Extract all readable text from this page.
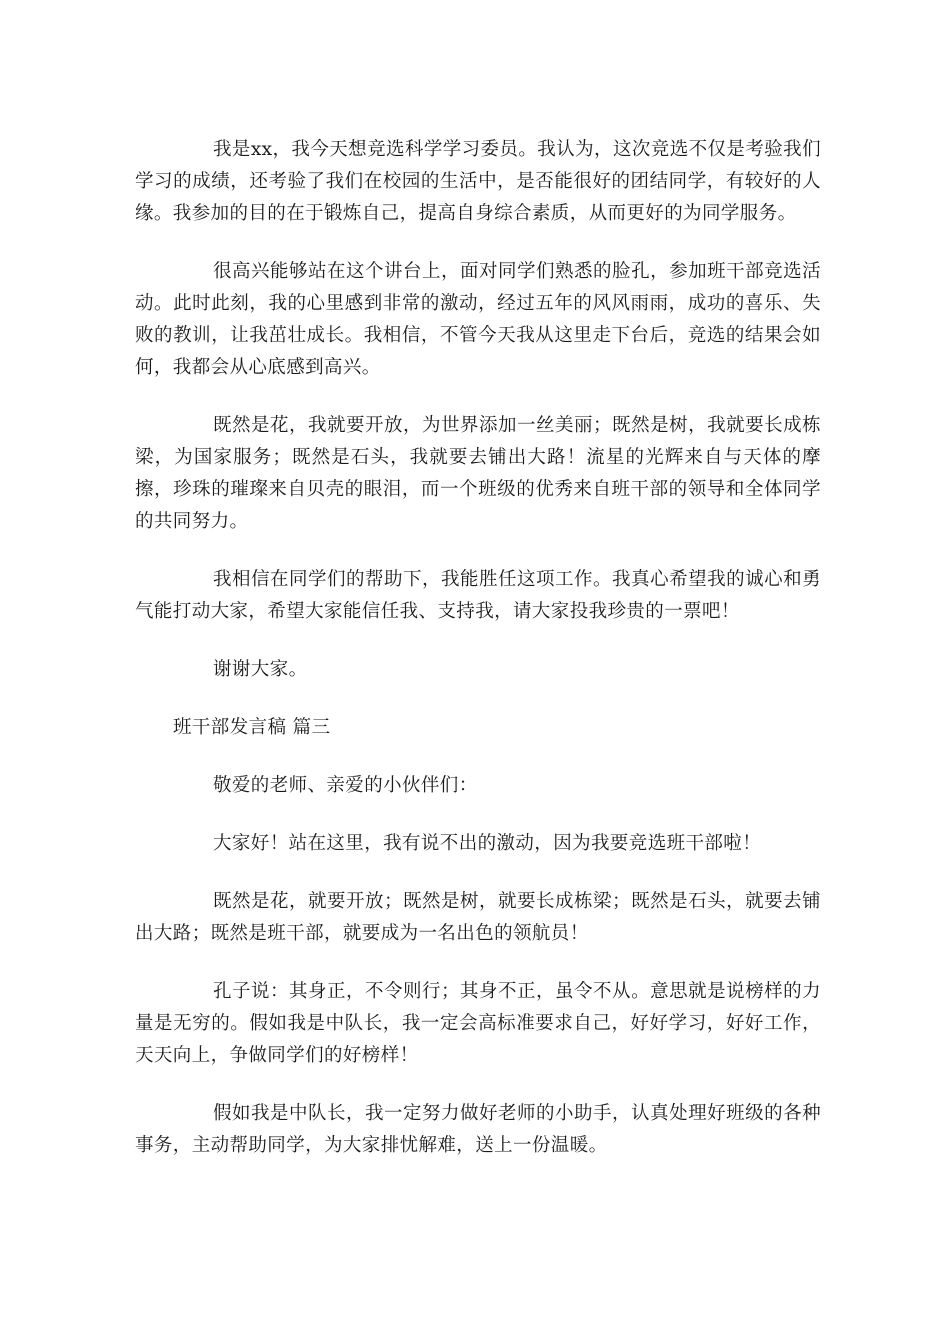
我是xx，我今天想竞选科学学习委员。我认为，这次竞选不仅是考验我们学习的成绩，还考验了我们在校园的生活中，是否能很好的团结同学，有较好的人缘。我参加的目的在于锻炼自己，提高自身综合素质，从而更好的为同学服务。

很高兴能够站在这个讲台上，面对同学们熟悉的脸孔，参加班干部竞选活动。此时此刻，我的心里感到非常的激动，经过五年的风风雨雨，成功的喜乐、失败的教训，让我茁壮成长。我相信，不管今天我从这里走下台后，竞选的结果会如何，我都会从心底感到高兴。

既然是花，我就要开放，为世界添加一丝美丽；既然是树，我就要长成栋梁，为国家服务；既然是石头，我就要去铺出大路！流星的光辉来自与天体的摩擦，珍珠的璀璨来自贝壳的眼泪，而一个班级的优秀来自班干部的领导和全体同学的共同努力。

我相信在同学们的帮助下，我能胜任这项工作。我真心希望我的诚心和勇气能打动大家，希望大家能信任我、支持我，请大家投我珍贵的一票吧！

谢谢大家。

班干部发言稿 篇三

敬爱的老师、亲爱的小伙伴们：

大家好！站在这里，我有说不出的激动，因为我要竞选班干部啦！

既然是花，就要开放；既然是树，就要长成栋梁；既然是石头，就要去铺出大路；既然是班干部，就要成为一名出色的领航员！

孔子说：其身正，不令则行；其身不正，虽令不从。意思就是说榜样的力量是无穷的。假如我是中队长，我一定会高标准要求自己，好好学习，好好工作，天天向上，争做同学们的好榜样！

假如我是中队长，我一定努力做好老师的小助手，认真处理好班级的各种事务，主动帮助同学，为大家排忧解难，送上一份温暖。
